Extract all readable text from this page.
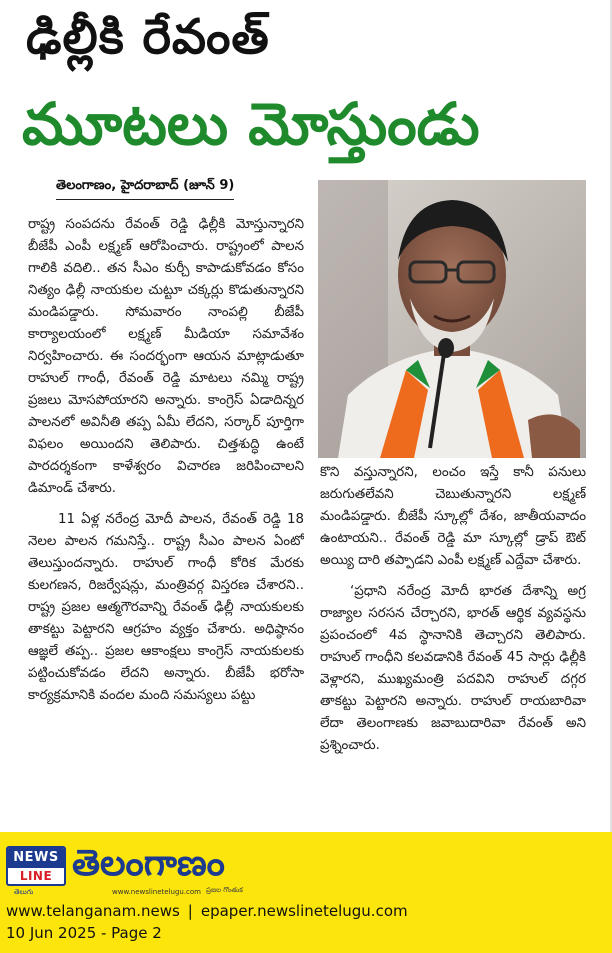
ఢిల్లీకి రేవంత్
మూటలు మోస్తుండు
తెలంగాణం, హైదరాబాద్ (జూన్ 9)

రాష్ట్ర సంపదను రేవంత్ రెడ్డి ఢిల్లీకి మోస్తున్నారని బీజేపీ ఎంపీ లక్ష్మణ్ ఆరోపించారు. రాష్ట్రంలో పాలన గాలికి వదిలి.. తన సీఎం కుర్చీ కాపాడుకోవడం కోసం నిత్యం ఢిల్లీ నాయకుల చుట్టూ చక్కర్లు కొడుతున్నారని మండిపడ్డారు. సోమవారం నాంపల్లి బీజేపీ కార్యాలయంలో లక్ష్మణ్ మీడియా సమావేశం నిర్వహించారు. ఈ సందర్భంగా ఆయన మాట్లాడుతూ రాహుల్ గాంధీ, రేవంత్ రెడ్డి మాటలు నమ్మి రాష్ట్ర ప్రజలు మోసపోయారని అన్నారు. కాంగ్రెస్ ఏడాదిన్నర పాలనలో అవినీతి తప్ప ఏమీ లేదని, సర్కార్ పూర్తిగా విఫలం అయిందని తెలిపారు. చిత్తశుద్ధి ఉంటే పారదర్శకంగా కాళేశ్వరం విచారణ జరిపించాలని డిమాండ్ చేశారు.

11 ఏళ్ల నరేంద్ర మోదీ పాలన, రేవంత్ రెడ్డి 18 నెలల పాలన గమనిస్తే.. రాష్ట్ర సీఎం పాలన ఏంటో తెలుస్తుందన్నారు. రాహుల్ గాంధీ కోరిక మేరకు కులగణన, రిజర్వేషన్లు, మంత్రివర్గ విస్తరణ చేశారని.. రాష్ట్ర ప్రజల ఆత్మగౌరవాన్ని రేవంత్ ఢిల్లీ నాయకులకు తాకట్టు పెట్టారని ఆగ్రహం వ్యక్తం చేశారు. అధిష్ఠానం ఆజ్ఞలే తప్ప.. ప్రజల ఆకాంక్షలు కాంగ్రెస్ నాయకులకు పట్టించుకోవడం లేదని అన్నారు. బీజేపీ భరోసా కార్యక్రమానికి వందల మంది సమస్యలు పట్టు

కొని వస్తున్నారని, లంచం ఇస్తే కానీ పనులు జరుగుతలేవని చెబుతున్నారని లక్ష్మణ్ మండిపడ్డారు. బీజేపీ స్కూల్లో దేశం, జాతీయవాదం ఉంటాయని.. రేవంత్ రెడ్డి మా స్కూల్లో డ్రాప్ ఔట్ అయ్యి దారి తప్పాడని ఎంపీ లక్ష్మణ్ ఎద్దేవా చేశారు.

‘ప్రధాని నరేంద్ర మోదీ భారత దేశాన్ని అగ్ర రాజ్యాల సరసన చేర్చారని, భారత్ ఆర్థిక వ్యవస్థను ప్రపంచంలో 4వ స్థానానికి తెచ్చారని తెలిపారు. రాహుల్ గాంధీని కలవడానికి రేవంత్ 45 సార్లు ఢిల్లీకి వెళ్లారని, ముఖ్యమంత్రి పదవిని రాహుల్ దగ్గర తాకట్టు పెట్టారని అన్నారు. రాహుల్ రాయబారివా లేదా తెలంగాణకు జవాబుదారివా రేవంత్ అని ప్రశ్నించారు.

NEWS
LINE
తెలుగు
తెలంగాణం
www.newslinetelugu.com ప్రజల గొంతుక
www.telanganam.news | epaper.newslinetelugu.com
10 Jun 2025 - Page 2
